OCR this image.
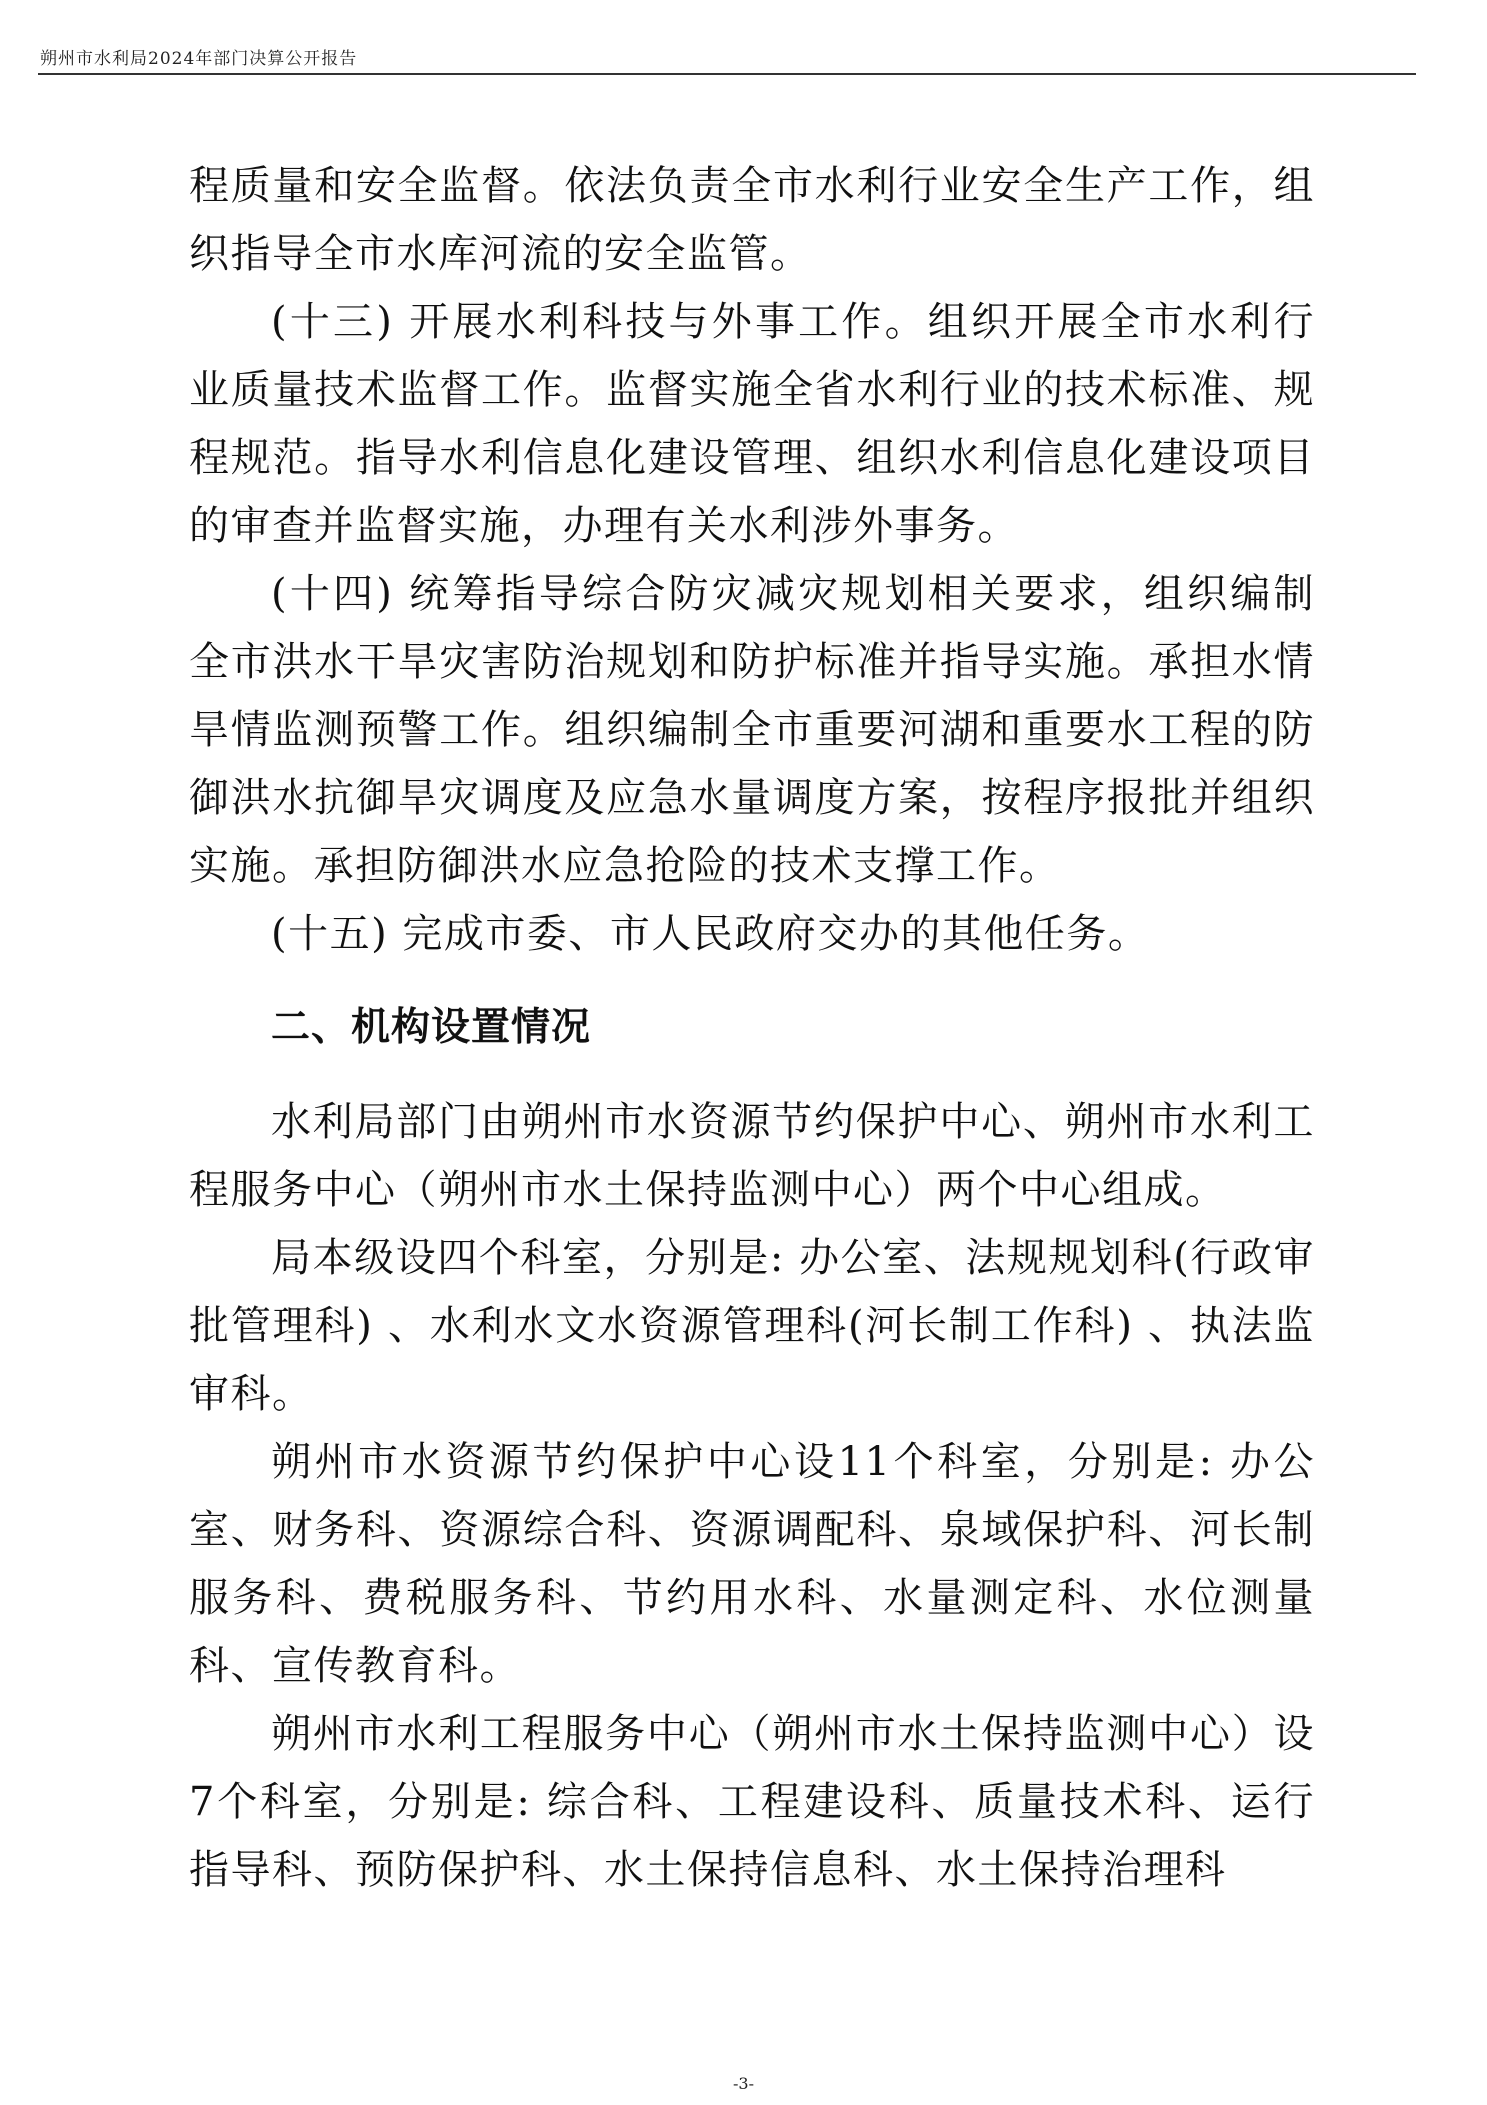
朔州市水利局2024年部门决算公开报告

程质量和安全监督。依法负责全市水利行业安全生产工作，组织指导全市水库河流的安全监管。

(十三) 开展水利科技与外事工作。组织开展全市水利行业质量技术监督工作。监督实施全省水利行业的技术标准、规程规范。指导水利信息化建设管理、组织水利信息化建设项目的审查并监督实施，办理有关水利涉外事务。

(十四) 统筹指导综合防灾减灾规划相关要求，组织编制全市洪水干旱灾害防治规划和防护标准并指导实施。承担水情旱情监测预警工作。组织编制全市重要河湖和重要水工程的防御洪水抗御旱灾调度及应急水量调度方案，按程序报批并组织实施。承担防御洪水应急抢险的技术支撑工作。

(十五) 完成市委、市人民政府交办的其他任务。

二、机构设置情况

水利局部门由朔州市水资源节约保护中心、朔州市水利工程服务中心（朔州市水土保持监测中心）两个中心组成。

局本级设四个科室，分别是: 办公室、法规规划科(行政审批管理科) 、水利水文水资源管理科(河长制工作科) 、执法监审科。

朔州市水资源节约保护中心设11个科室，分别是: 办公室、财务科、资源综合科、资源调配科、泉域保护科、河长制服务科、费税服务科、节约用水科、水量测定科、水位测量科、宣传教育科。

朔州市水利工程服务中心（朔州市水土保持监测中心）设7个科室，分别是: 综合科、工程建设科、质量技术科、运行指导科、预防保护科、水土保持信息科、水土保持治理科

-3-
